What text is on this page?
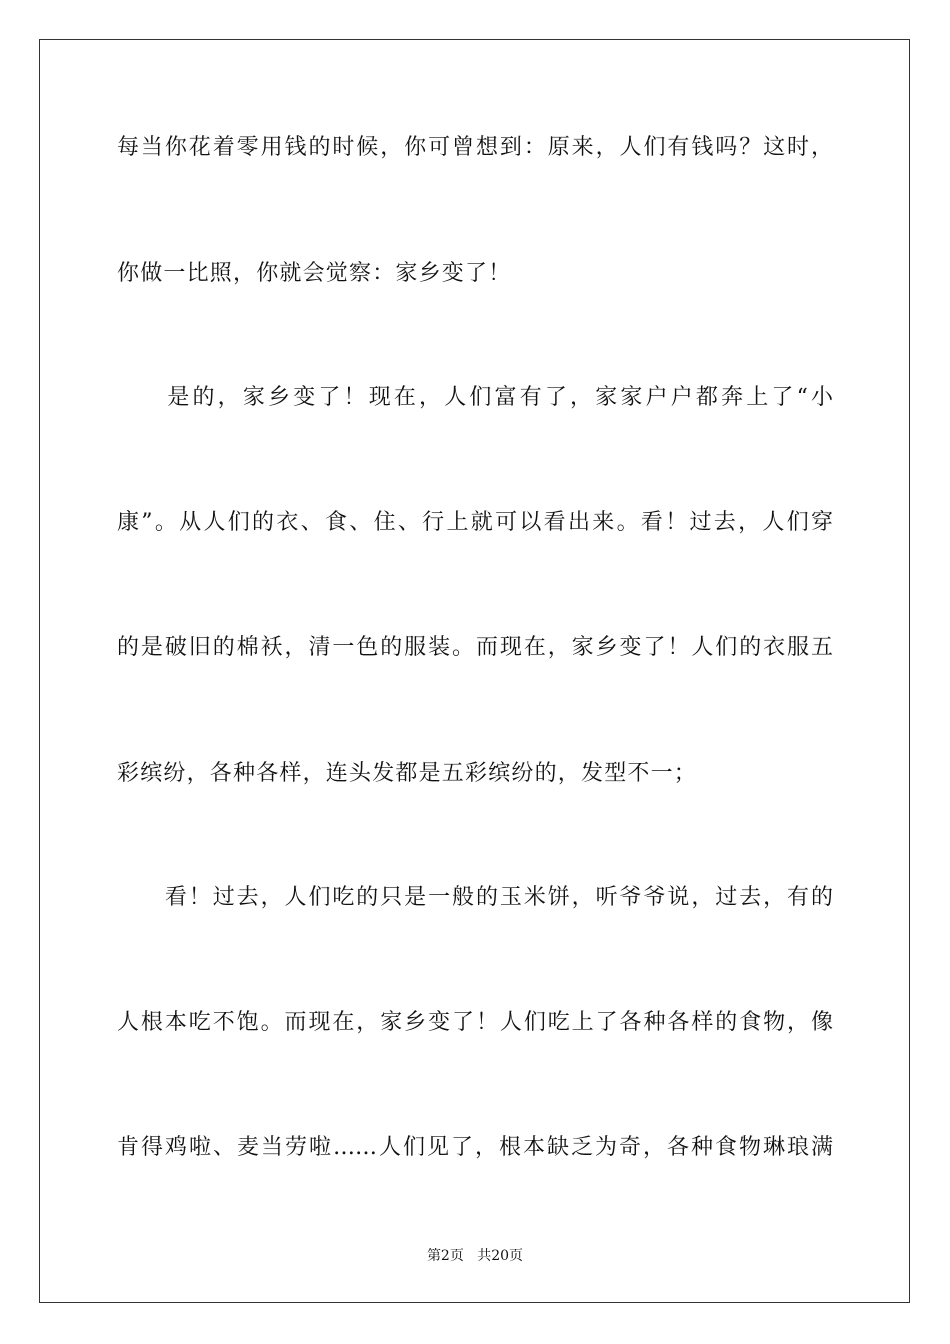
每当你花着零用钱的时候，你可曾想到：原来，人们有钱吗？这时，
你做一比照，你就会觉察：家乡变了！
　　是的，家乡变了！现在，人们富有了，家家户户都奔上了“小
康”。从人们的衣、食、住、行上就可以看出来。看！过去，人们穿
的是破旧的棉袄，清一色的服装。而现在，家乡变了！人们的衣服五
彩缤纷，各种各样，连头发都是五彩缤纷的，发型不一；
　　看！过去，人们吃的只是一般的玉米饼，听爷爷说，过去，有的
人根本吃不饱。而现在，家乡变了！人们吃上了各种各样的食物，像
肯得鸡啦、麦当劳啦……人们见了，根本缺乏为奇，各种食物琳琅满
第2页 共20页
